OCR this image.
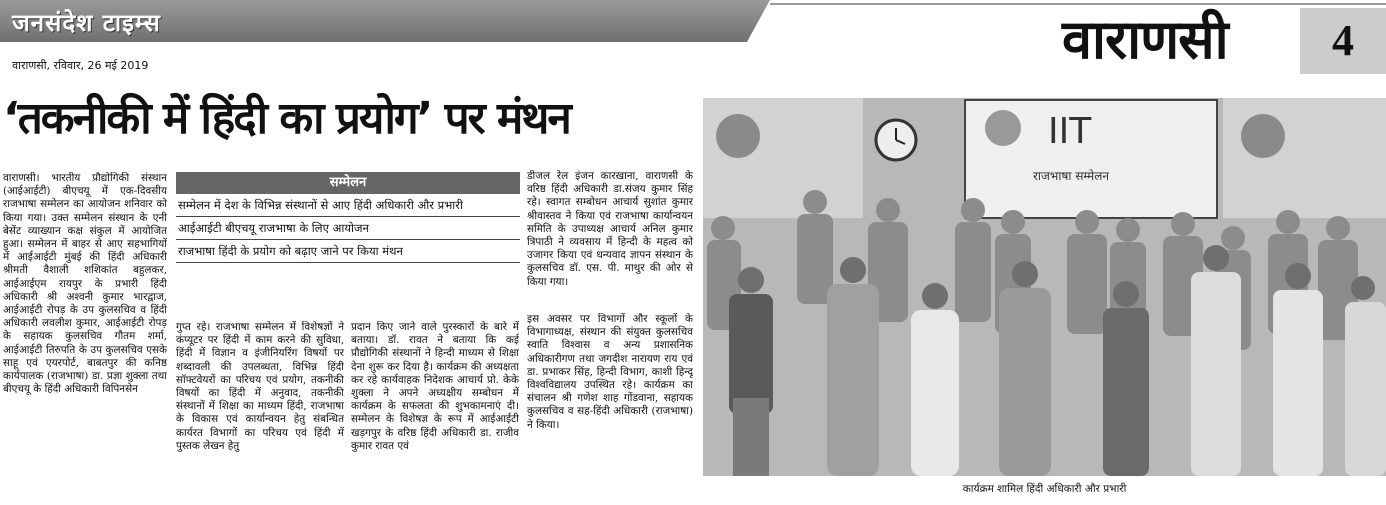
जनसंदेश टाइम्स
वाराणसी, रविवार, 26 मई 2019	वाराणसी	4
‘तकनीकी में हिंदी का प्रयोग’ पर मंथन
वाराणसी। भारतीय प्रौद्योगिकी संस्थान (आईआईटी) बीएचयू में एक-दिवसीय राजभाषा सम्मेलन का आयोजन शनिवार को किया गया। उक्त सम्मेलन संस्थान के एनी बेसेंट व्याख्यान कक्ष संकुल में आयोजित हुआ। सम्मेलन में बाहर से आए सहभागियों में आईआईटी मुंबई की हिंदी अधिकारी श्रीमती वैशाली शशिकांत बहुलकर, आईआईएम रायपुर के प्रभारी हिंदी अधिकारी श्री अश्वनी कुमार भारद्वाज, आईआईटी रोपड़ के उप कुलसचिव व हिंदी अधिकारी लवलीश कुमार, आईआईटी रोपड़ के सहायक कुलसचिव गौतम शर्मा, आईआईटी तिरुपति के उप कुलसचिव एसके साहू एवं एयरपोर्ट, बाबतपुर की कनिष्ठ कार्यपालक (राजभाषा) डा. प्रज्ञा शुक्ला तथा बीएचयू के हिंदी अधिकारी विपिनसेन
सम्मेलन
सम्मेलन में देश के विभिन्न संस्थानों से आए हिंदी अधिकारी और प्रभारी
आईआईटी बीएचयू राजभाषा के लिए आयोजन
राजभाषा हिंदी के प्रयोग को बढ़ाए जाने पर किया मंथन
गुप्त रहे। राजभाषा सम्मेलन में विशेषज्ञों ने कंप्यूटर पर हिंदी में काम करने की सुविधा, हिंदी में विज्ञान व इंजीनियरिंग विषयों पर शब्दावली की उपलब्धता, विभिन्न हिंदी सॉफ्टवेयरों का परिचय एवं प्रयोग, तकनीकी विषयों का हिंदी में अनुवाद, तकनीकी संस्थानों में शिक्षा का माध्यम हिंदी, राजभाषा के विकास एवं कार्यान्वयन हेतु संबन्धित कार्यरत विभागों का परिचय एवं हिंदी में पुस्तक लेखन हेतु
प्रदान किए जाने वाले पुरस्कारों के बारे में बताया। डॉ. रावत ने बताया कि कई प्रौद्योगिकी संस्थानों ने हिन्दी माध्यम से शिक्षा देना शुरू कर दिया है। कार्यक्रम की अध्यक्षता कर रहे कार्यवाहक निदेशक आचार्य प्रो. केके शुक्ला ने अपने अध्यक्षीय सम्बोधन में कार्यक्रम के सफलता की शुभकामनाएं दी। सम्मेलन के विशेषज्ञ के रूप में आईआईटी खड़गपुर के वरिष्ठ हिंदी अधिकारी डा. राजीव कुमार रावत एवं
डीजल रेल इंजन कारखाना, वाराणसी के वरिष्ठ हिंदी अधिकारी डा.संजय कुमार सिंह रहे। स्वागत सम्बोधन आचार्य सुशांत कुमार श्रीवास्तव ने किया एवं राजभाषा कार्यान्वयन समिति के उपाध्यक्ष आचार्य अनिल कुमार त्रिपाठी ने व्यवसाय में हिन्दी के महत्व को उजागर किया एवं धन्यवाद ज्ञापन संस्थान के कुलसचिव डॉ. एस. पी. माथुर की ओर से किया गया।
इस अवसर पर विभागों और स्कूलों के विभागाध्यक्ष, संस्थान की संयुक्त कुलसचिव स्वाति विश्वास व अन्य प्रशासनिक अधिकारीगण तथा जगदीश नारायण राय एवं डा. प्रभाकर सिंह, हिन्दी विभाग, काशी हिन्दू विश्वविद्यालय उपस्थित रहे। कार्यक्रम का संचालन श्री गणेश शाह गोंडवाना, सहायक कुलसचिव व सह-हिंदी अधिकारी (राजभाषा) ने किया।
IIT
राजभाषा सम्मेलन
कार्यक्रम शामिल हिंदी अधिकारी और प्रभारी
